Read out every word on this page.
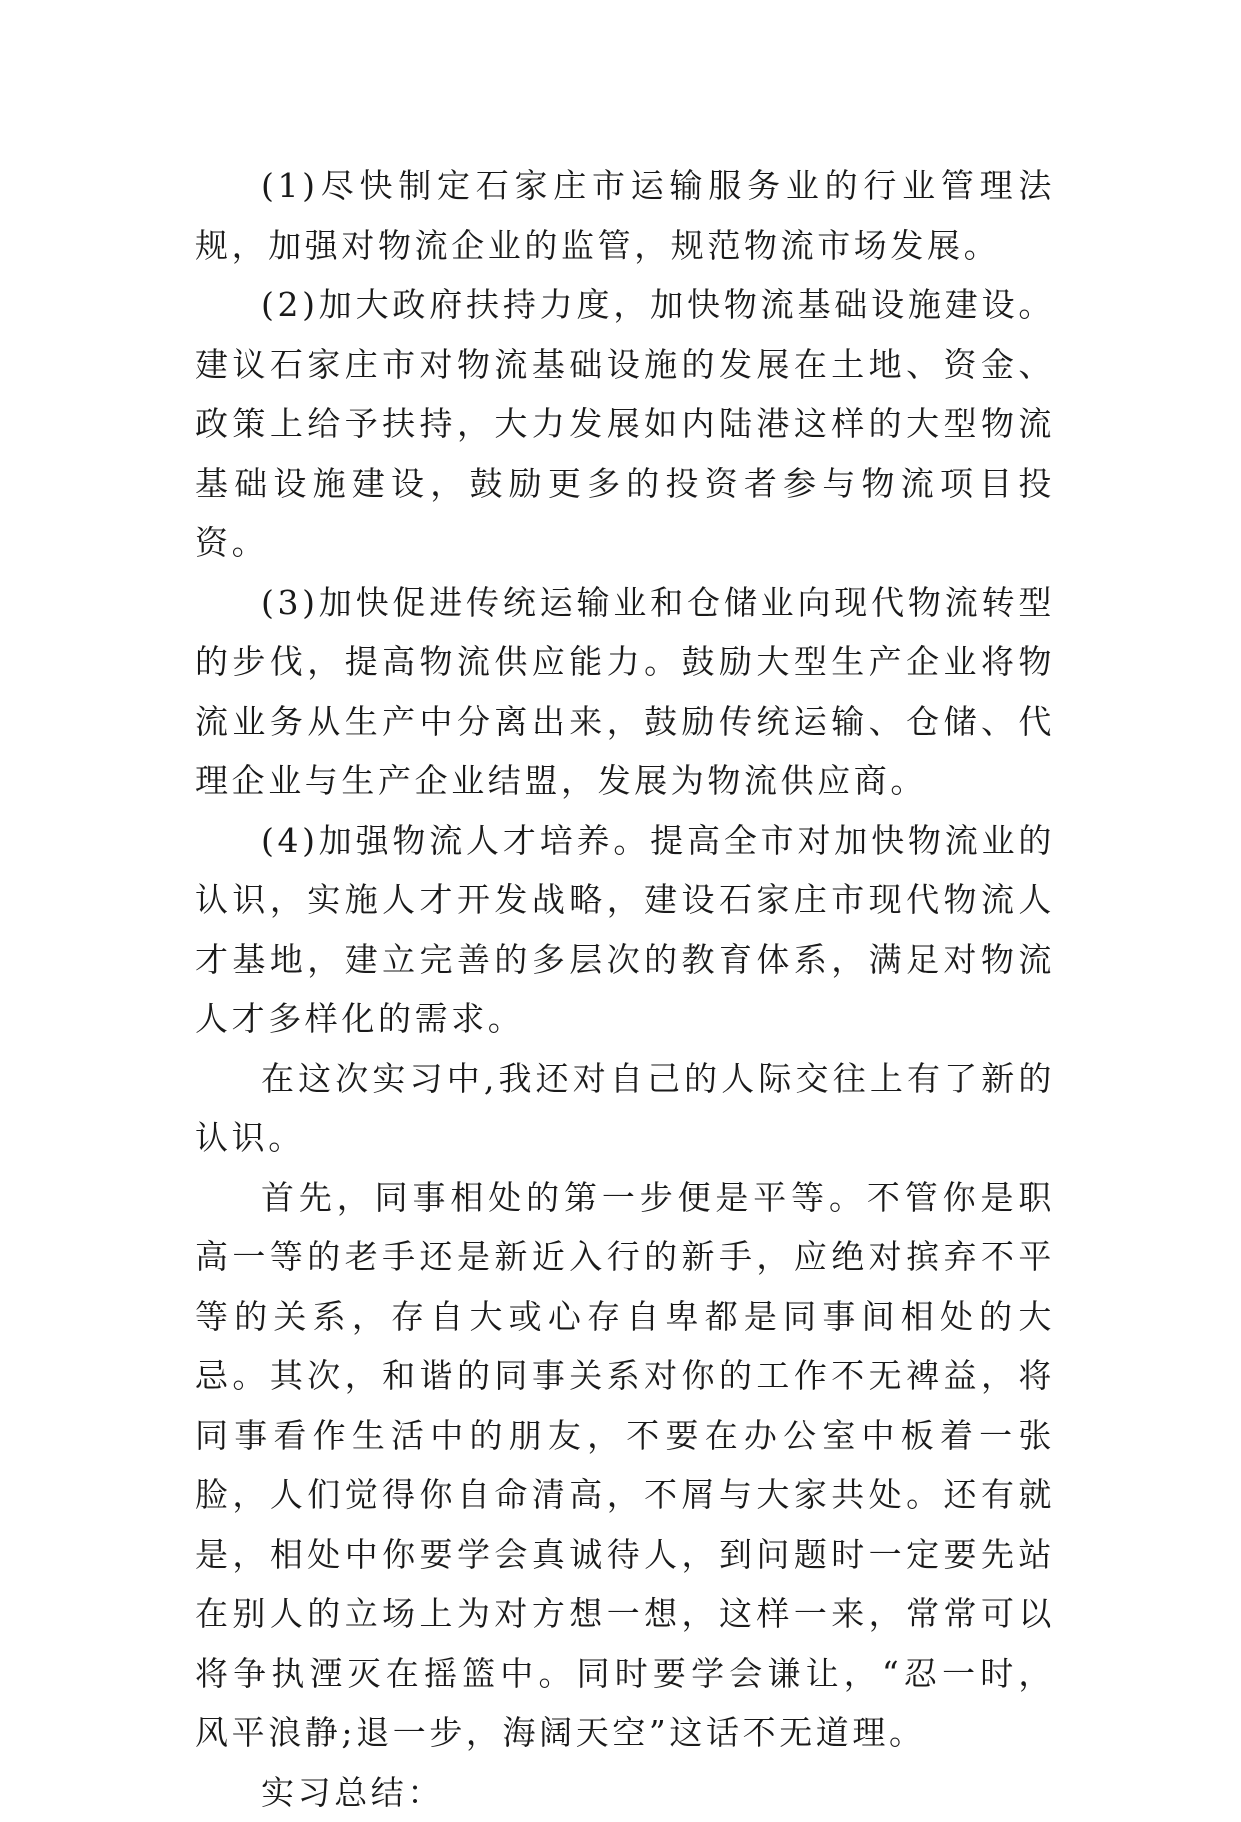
(1)尽快制定石家庄市运输服务业的行业管理法规，加强对物流企业的监管，规范物流市场发展。

(2)加大政府扶持力度，加快物流基础设施建设。建议石家庄市对物流基础设施的发展在土地、资金、政策上给予扶持，大力发展如内陆港这样的大型物流基础设施建设，鼓励更多的投资者参与物流项目投资。

(3)加快促进传统运输业和仓储业向现代物流转型的步伐，提高物流供应能力。鼓励大型生产企业将物流业务从生产中分离出来，鼓励传统运输、仓储、代理企业与生产企业结盟，发展为物流供应商。

(4)加强物流人才培养。提高全市对加快物流业的认识，实施人才开发战略，建设石家庄市现代物流人才基地，建立完善的多层次的教育体系，满足对物流人才多样化的需求。

在这次实习中,我还对自己的人际交往上有了新的认识。

首先，同事相处的第一步便是平等。不管你是职高一等的老手还是新近入行的新手，应绝对摈弃不平等的关系，存自大或心存自卑都是同事间相处的大忌。其次，和谐的同事关系对你的工作不无裨益，将同事看作生活中的朋友，不要在办公室中板着一张脸，人们觉得你自命清高，不屑与大家共处。还有就是，相处中你要学会真诚待人，到问题时一定要先站在别人的立场上为对方想一想，这样一来，常常可以将争执湮灭在摇篮中。同时要学会谦让，“忍一时，风平浪静;退一步，海阔天空”这话不无道理。

实习总结：
